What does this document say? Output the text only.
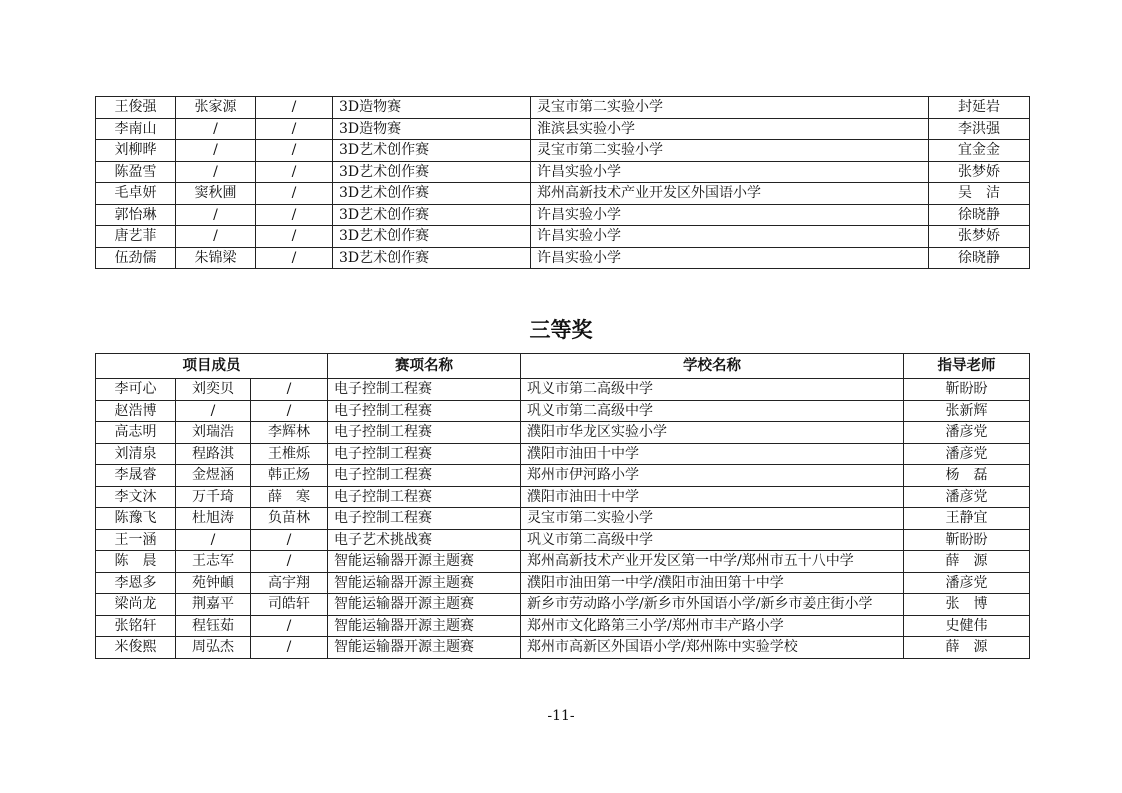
王俊强	张家源	/	3D造物赛	灵宝市第二实验小学	封延岩
李南山	/	/	3D造物赛	淮滨县实验小学	李洪强
刘柳晔	/	/	3D艺术创作赛	灵宝市第二实验小学	宜金金
陈盈雪	/	/	3D艺术创作赛	许昌实验小学	张梦娇
毛卓妍	窦秋圃	/	3D艺术创作赛	郑州高新技术产业开发区外国语小学	吴　洁
郭怡琳	/	/	3D艺术创作赛	许昌实验小学	徐晓静
唐艺菲	/	/	3D艺术创作赛	许昌实验小学	张梦娇
伍劲儒	朱锦梁	/	3D艺术创作赛	许昌实验小学	徐晓静
三等奖
项目成员			赛项名称	学校名称	指导老师
李可心	刘奕贝	/	电子控制工程赛	巩义市第二高级中学	靳盼盼
赵浩博	/	/	电子控制工程赛	巩义市第二高级中学	张新辉
高志明	刘瑞浩	李辉林	电子控制工程赛	濮阳市华龙区实验小学	潘彦党
刘清泉	程路淇	王椎烁	电子控制工程赛	濮阳市油田十中学	潘彦党
李晟睿	金煜涵	韩正炀	电子控制工程赛	郑州市伊河路小学	杨　磊
李文沐	万千琦	薛　寒	电子控制工程赛	濮阳市油田十中学	潘彦党
陈豫飞	杜旭涛	负苗林	电子控制工程赛	灵宝市第二实验小学	王静宜
王一涵	/	/	电子艺术挑战赛	巩义市第二高级中学	靳盼盼
陈　晨	王志军	/	智能运输器开源主题赛	郑州高新技术产业开发区第一中学/郑州市五十八中学	薛　源
李恩多	苑钟頔	高宇翔	智能运输器开源主题赛	濮阳市油田第一中学/濮阳市油田第十中学	潘彦党
梁尚龙	荆嘉平	司皓轩	智能运输器开源主题赛	新乡市劳动路小学/新乡市外国语小学/新乡市姜庄街小学	张　博
张铭轩	程钰茹	/	智能运输器开源主题赛	郑州市文化路第三小学/郑州市丰产路小学	史健伟
米俊熙	周弘杰	/	智能运输器开源主题赛	郑州市高新区外国语小学/郑州陈中实验学校	薛　源
-11-
